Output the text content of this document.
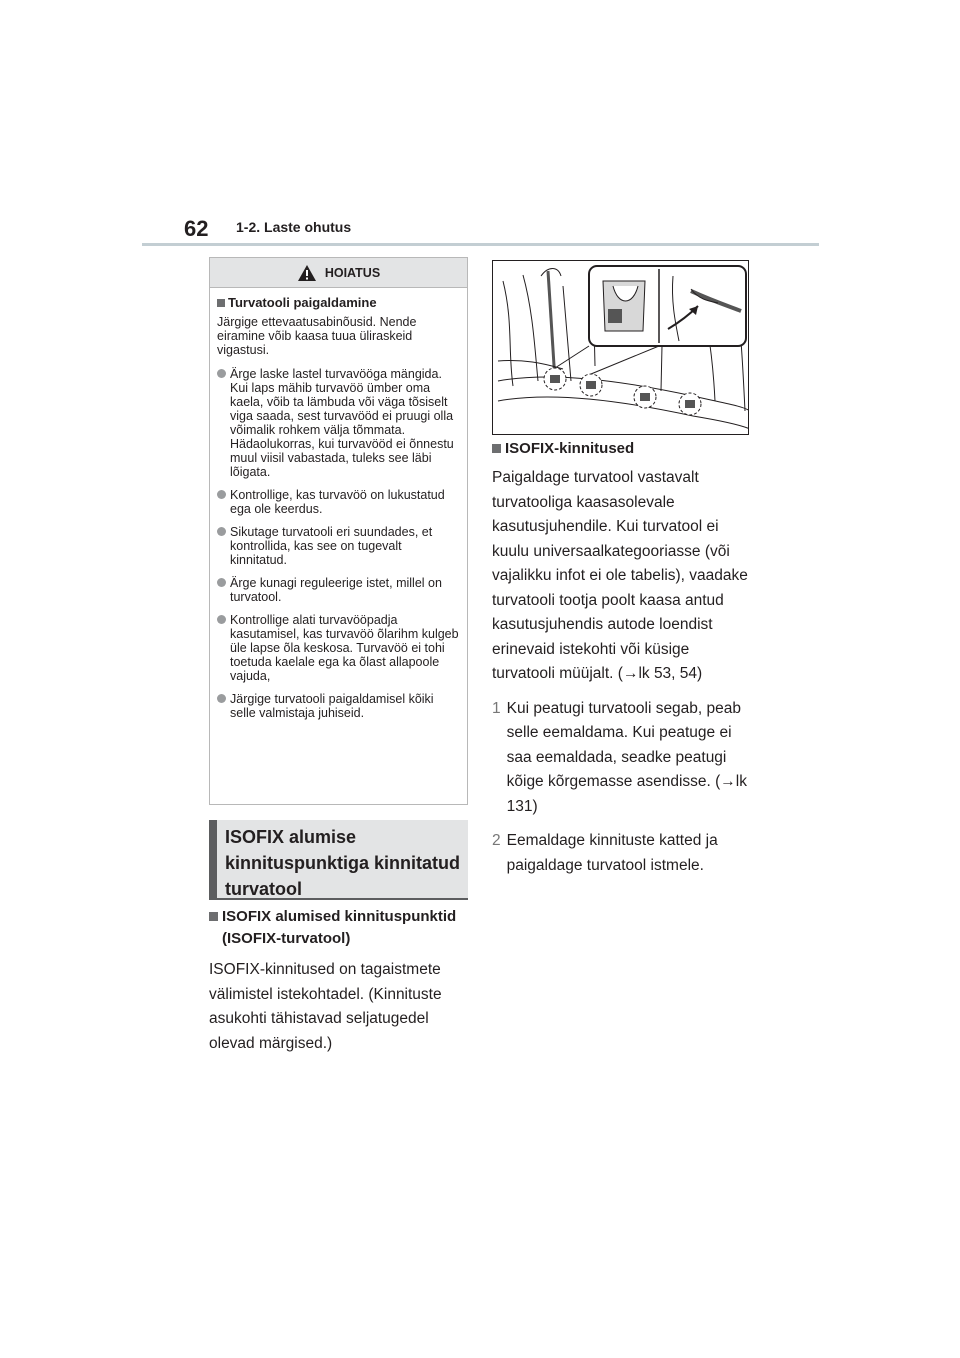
62 1-2. Laste ohutus
HOIATUS
Turvatooli paigaldamine

Järgige ettevaatusabinõusid. Nende eiramine võib kaasa tuua üliraskeid vigastusi.

Ärge laske lastel turvavööga mängida. Kui laps mähib turvavöö ümber oma kaela, võib ta lämbuda või väga tõsiselt viga saada, sest turvavööd ei pruugi olla võimalik rohkem välja tõmmata. Hädaolukorras, kui turvavööd ei õnnestu muul viisil vabastada, tuleks see läbi lõigata.
Kontrollige, kas turvavöö on lukustatud ega ole keerdus.
Sikutage turvatooli eri suundades, et kontrollida, kas see on tugevalt kinnitatud.
Ärge kunagi reguleerige istet, millel on turvatool.
Kontrollige alati turvavööpadja kasutamisel, kas turvavöö õlarihm kulgeb üle lapse õla keskosa. Turvavöö ei tohi toetuda kaelale ega ka õlast allapoole vajuda,
Järgige turvatooli paigaldamisel kõiki selle valmistaja juhiseid.
ISOFIX alumise kinnituspunktiga kinnitatud turvatool
ISOFIX alumised kinnituspunktid (ISOFIX-turvatool)

ISOFIX-kinnitused on tagaistmete välimistel istekohtadel. (Kinnituste asukohti tähistavad seljatugedel olevad märgised.)

ISOFIX-kinnitused

Paigaldage turvatool vastavalt turvatooliga kaasasolevale kasutusjuhendile. Kui turvatool ei kuulu universaalkategooriasse (või vajalikku infot ei ole tabelis), vaadake turvatooli tootja poolt kaasa antud kasutusjuhendis autode loendist erinevaid istekohti või küsige turvatooli müüjalt. (→lk 53, 54)

1 Kui peatugi turvatooli segab, peab selle eemaldama. Kui peatuge ei saa eemaldada, seadke peatugi kõige kõrgemasse asendisse. (→lk 131)
2 Eemaldage kinnituste katted ja paigaldage turvatool istmele.
